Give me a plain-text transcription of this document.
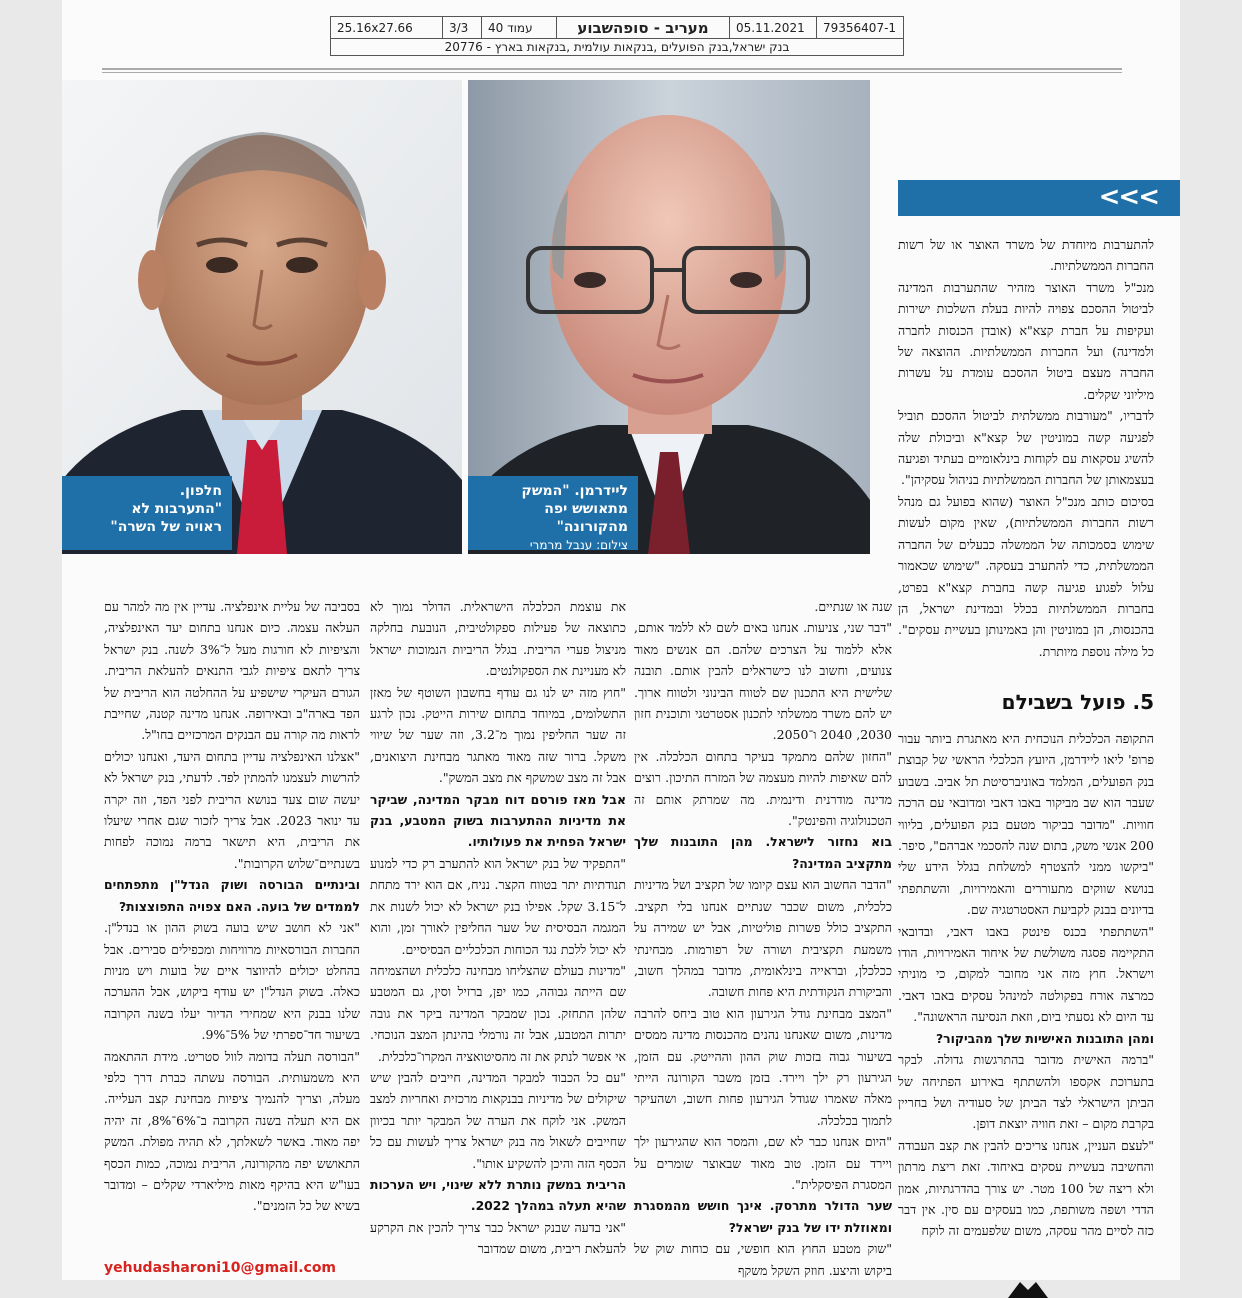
79356407-1
05.11.2021
מעריב - סופהשבוע
עמוד 40
3/3
25.16x27.66
בנק ישראל,בנק הפועלים ,בנקאות עולמית ,בנקאות בארץ - 20776
חלפון.
"התערבות לא
ראויה של השרה"
ליידרמן. "המשק
מתאושש יפה מהקורונה"
צילום: ענבל מרמרי
<<<

להתערבות מיוחדת של משרד האוצר או של רשות החברות הממשלתיות.

מנכ"ל משרד האוצר מזהיר שהתערבות המדינה לביטול ההסכם צפויה להיות בעלת השלכות ישירות ועקיפות על חברת קצא"א (אובדן הכנסות לחברה ולמדינה) ועל החברות הממשלתיות. ההוצאה של החברה מעצם ביטול ההסכם עומדת על עשרות מיליוני שקלים.

לדבריו, "מעורבות ממשלתית לביטול ההסכם תוביל לפגיעה קשה במוניטין של קצא"א וביכולת שלה להשיג עסקאות עם לקוחות בינלאומיים בעתיד ופגיעה בעצמאותן של החברות הממשלתיות בניהול עסקיהן".

בסיכום כותב מנכ"ל האוצר (שהוא בפועל גם מנהל רשות החברות הממשלתיות), שאין מקום לעשות שימוש בסמכותה של הממשלה כבעלים של החברה הממשלתית, כדי להתערב בעסקה. "שימוש שכאמור עלול לפגוע פגיעה קשה בחברת קצא"א בפרט, בחברות הממשלתיות בכלל ובמדינת ישראל, הן בהכנסות, הן במוניטין והן באמינותן בעשיית עסקים". כל מילה נוספת מיותרת.

5. פועל בשבילם

התקופה הכלכלית הנוכחית היא מאתגרת ביותר עבור פרופ' ליאו ליידרמן, היועץ הכלכלי הראשי של קבוצת בנק הפועלים, המלמד באוניברסיטת תל אביב. בשבוע שעבר הוא שב מביקור באבו דאבי ומדובאי עם הרכה חוויות. "מדובר בביקור מטעם בנק הפועלים, בליווי 200 אנשי משק, בתום שנה להסכמי אברהם", סיפר. "ביקשו ממני להצטרף למשלחת בגלל הידע שלי בנושא שווקים מתעוררים והאמירויות, והשתתפתי בדיונים בבנק לקביעת האסטרטגיה שם.

"השתתפתי בכנס פינטק באבו דאבי, ובדובאי התקיימה פסגה משולשת של איחוד האמירויות, הודו וישראל. חוץ מזה אני מחובר למקום, כי מוניתי כמרצה אורח בפקולטה למינהל עסקים באבו דאבי. עד היום לא נסעתי ביום, וזאת הנסיעה הראשונה".

ומהן התובנות האישיות שלך מהביקור?

"ברמה האישית מדובר בהתרגשות גדולה. לבקר בתערוכת אקספו ולהשתתף באירוע הפתיחה של הביתן הישראלי לצד הביתן של סעודיה ושל בחריין בקרבת מקום – זאת חוויה יוצאת דופן.

"לעצם העניין, אנחנו צריכים להבין את קצב העבודה והחשיבה בעשיית עסקים באיחוד. זאת ריצת מרתון ולא ריצה של 100 מטר. יש צורך בהדרגתיות, אמון הדדי ושפה משותפת, כמו בעסקים עם סין. אין דבר כזה לסיים מהר עסקה, משום שלפעמים זה לוקח

שנה או שנתיים.

"דבר שני, צניעות. אנחנו באים לשם לא ללמד אותם, אלא ללמוד על הצרכים שלהם. הם אנשים מאוד צנועים, וחשוב לנו כישראלים להבין אותם. תובנה שלישית היא התכנון שם לטווח הבינוני ולטווח ארוך. יש להם משרד ממשלתי לתכנון אסטרטגי ותוכנית חזון 2030, 2040 ו־2050.

"החזון שלהם מתמקד בעיקר בתחום הכלכלה. אין להם שאיפות להיות מעצמה של המזרח התיכון. רוצים מדינה מודרנית ודינמית. מה שמרתק אותם זה הטכנולוגיה והפינטק".

בוא נחזור לישראל. מהן התובנות שלך מתקציב המדינה?

"הדבר החשוב הוא עצם קיומו של תקציב ושל מדיניות כלכלית, משום שכבר שנתיים אנחנו בלי תקציב. התקציב כולל פשרות פוליטיות, אבל יש שמירה על משמעת תקציבית ושורה של רפורמות. מבחינתי ככלכלן, ובראייה בינלאומית, מדובר במהלך חשוב, והביקורת הנקודתית היא פחות חשובה.

"המצב מבחינת גודל הגירעון הוא טוב ביחס להרבה מדינות, משום שאנחנו נהנים מהכנסות מדינה ממסים בשיעור גבוה בזכות שוק ההון וההייטק. עם הזמן, הגירעון רק ילך ויירד. בזמן משבר הקורונה הייתי מאלה שאמרו שגודל הגירעון פחות חשוב, ושהעיקר לתמוך בכלכלה.

"היום אנחנו כבר לא שם, והמסר הוא שהגירעון ילך ויירד עם הזמן. טוב מאוד שבאוצר שומרים על המסגרת הפיסקלית".

שער הדולר מתרסק. אינך חושש מהמסגרת ומאוזלת ידו של בנק ישראל?

"שוק מטבע החוץ הוא חופשי, עם כוחות שוק של ביקוש והיצע. חוזק השקל משקף

את עוצמת הכלכלה הישראלית. הדולר נמוך לא כתוצאה של פעילות ספקולטיבית, הנובעת בחלקה מניצול פערי הריבית. בגלל הריביות הנמוכות ישראל לא מעניינת את הספקולנטים.

"חוץ מזה יש לנו גם עודף בחשבון השוטף של מאזן התשלומים, במיוחד בתחום שירות הייטק. נכון לרגע זה שער החליפין נמוך מ־3.2, וזה שער של שיווי משקל. ברור שזה מאוד מאתגר מבחינת היצואנים, אבל זה מצב שמשקף את מצב המשק".

אבל מאז פורסם דוח מבקר המדינה, שביקר את מדיניות ההתערבות בשוק המטבע, בנק ישראל הפחית את פעולותיו.

"התפקיד של בנק ישראל הוא להתערב רק כדי למנוע תנודתיות יתר בטווח הקצר. נניח, אם הוא ירד מתחת ל־3.15 שקל. אפילו בנק ישראל לא יכול לשנות את המגמה הבסיסית של שער החליפין לאורך זמן, והוא לא יכול ללכת נגד הכוחות הכלכליים הבסיסיים.

"מדינות בעולם שהצליחו מבחינה כלכלית ושהצמיחה שם הייתה גבוהה, כמו יפן, ברזיל וסין, גם המטבע שלהן התחזק. נכון שמבקר המדינה ביקר את גובה יתרות המטבע, אבל זה נורמלי בהינתן המצב הנוכחי. אי אפשר לנתק את זה מהסיטואציה המקרו־כלכלית.

"עם כל הכבוד למבקר המדינה, חייבים להבין שיש שיקולים של מדיניות בבנקאות מרכזית ואחריות למצב המשק. אני לוקח את הערה של המבקר יותר בכיוון שחייבים לשאול מה בנק ישראל צריך לעשות עם כל הכסף הזה והיכן להשקיע אותו".

הריבית במשק נותרת ללא שינוי, ויש הערכות שהיא תעלה במהלך 2022.

"אני בדעה שבנק ישראל כבר צריך להכין את הקרקע להעלאת ריבית, משום שמדובר

בסביבה של עליית אינפלציה. עדיין אין מה למהר עם העלאה עצמה. כיום אנחנו בתחום יעד האינפלציה, והציפיות לא חורגות מעל ל־3% לשנה. בנק ישראל צריך לתאם ציפיות לגבי התנאים להעלאת הריבית. הגורם העיקרי שישפיע על ההחלטה הוא הריבית של הפד בארה"ב ובאירופה. אנחנו מדינה קטנה, שחייבת לראות מה קורה עם הבנקים המרכזיים בחו"ל.

"אצלנו האינפלציה עדיין בתחום היעד, ואנחנו יכולים להרשות לעצמנו להמתין לפד. לדעתי, בנק ישראל לא יעשה שום צעד בנושא הריבית לפני הפד, וזה יקרה עד ינואר 2023. אבל צריך לזכור שגם אחרי שיעלו את הריבית, היא תישאר ברמה נמוכה לפחות בשנתיים־שלוש הקרובות".

ובינתיים הבורסה ושוק הנדל"ן מתפתחים לממדים של בועה. האם צפויה התפוצצות?

"אני לא חושב שיש בועה בשוק ההון או בנדל"ן. החברות הבורסאיות מרוויחות ומכפילים סבירים. אבל בהחלט יכולים להיווצר איים של בועות ויש מניות כאלה. בשוק הנדל"ן יש עודף ביקוש, אבל ההערכה שלנו בבנק היא שמחירי הדיור יעלו בשנה הקרובה בשיעור חד־ספרתי של 5%־9%.

"הבורסה תעלה בדומה לוול סטריט. מידת ההתאמה היא משמעותית. הבורסה עשתה כברת דרך כלפי מעלה, וצריך להנמיך ציפיות מבחינת קצב העלייה. אם היא תעלה בשנה הקרובה ב־6%־8%, זה יהיה יפה מאוד. באשר לשאלתך, לא תהיה מפולת. המשק התאושש יפה מהקורונה, הריבית נמוכה, כמות הכסף בעו"ש היא בהיקף מאות מיליארדי שקלים – ומדובר בשיא של כל הזמנים".

yehudasharoni10@gmail.com
